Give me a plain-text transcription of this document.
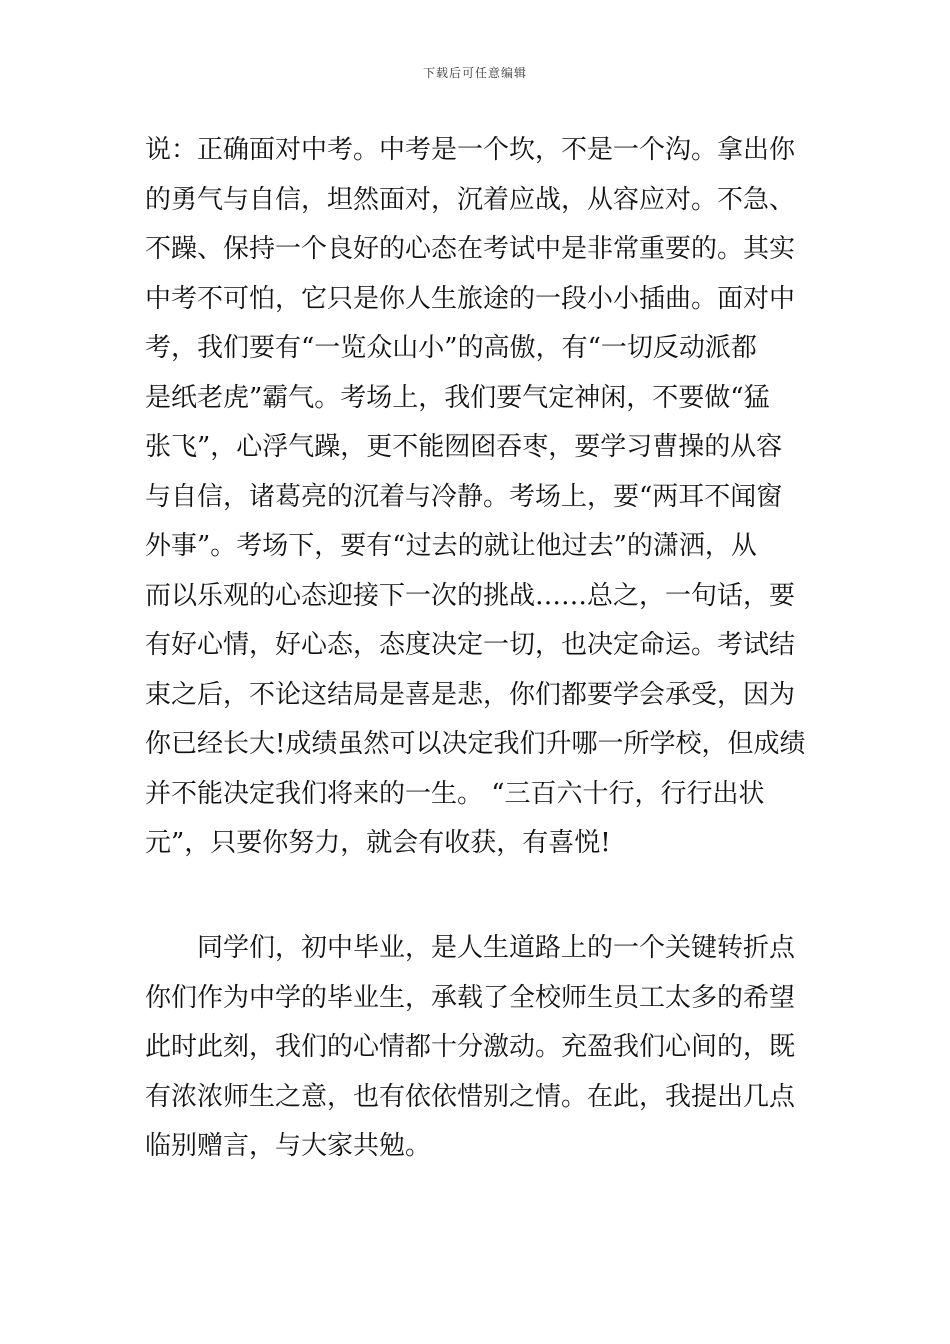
下载后可任意编辑
说：正确面对中考。中考是一个坎，不是一个沟。拿出你
的勇气与自信，坦然面对，沉着应战，从容应对。不急、
不躁、保持一个良好的心态在考试中是非常重要的。其实
中考不可怕，它只是你人生旅途的一段小小插曲。面对中
考，我们要有“一览众山小”的高傲，有“一切反动派都
是纸老虎”霸气。考场上，我们要气定神闲，不要做“猛
张飞”，心浮气躁，更不能囫囵吞枣，要学习曹操的从容
与自信，诸葛亮的沉着与冷静。考场上，要“两耳不闻窗
外事”。考场下，要有“过去的就让他过去”的潇洒，从
而以乐观的心态迎接下一次的挑战……总之，一句话，要
有好心情，好心态，态度决定一切，也决定命运。考试结
束之后，不论这结局是喜是悲，你们都要学会承受，因为
你已经长大!成绩虽然可以决定我们升哪一所学校，但成绩
并不能决定我们将来的一生。 “三百六十行，行行出状
元”，只要你努力，就会有收获，有喜悦!
　　同学们，初中毕业，是人生道路上的一个关键转折点
你们作为中学的毕业生，承载了全校师生员工太多的希望
此时此刻，我们的心情都十分激动。充盈我们心间的，既
有浓浓师生之意，也有依依惜别之情。在此，我提出几点
临别赠言，与大家共勉。
